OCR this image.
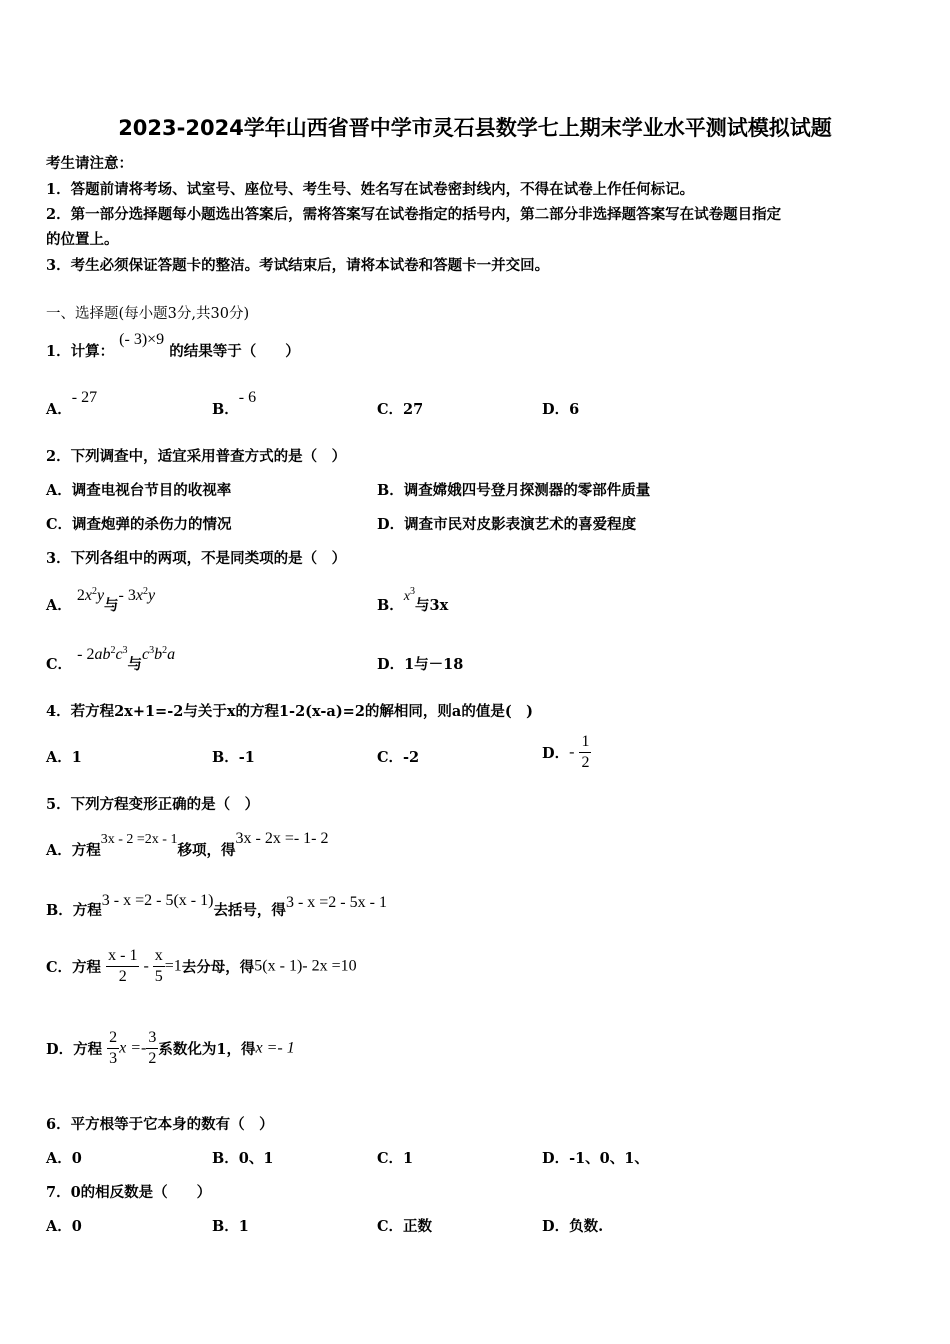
2023-2024学年山西省晋中学市灵石县数学七上期末学业水平测试模拟试题
考生请注意：
1．答题前请将考场、试室号、座位号、考生号、姓名写在试卷密封线内，不得在试卷上作任何标记。
2．第一部分选择题每小题选出答案后，需将答案写在试卷指定的括号内，第二部分非选择题答案写在试卷题目指定
的位置上。
3．考生必须保证答题卡的整洁。考试结束后，请将本试卷和答题卡一并交回。
一、选择题(每小题3分,共30分)
1．计算： (- 3)×9 的结果等于（　　）
A．- 27
B．- 6
C．27	D．6
2．下列调查中，适宜采用普查方式的是（　）
A．调查电视台节目的收视率	B．调查嫦娥四号登月探测器的零部件质量
C．调查炮弹的杀伤力的情况	D．调查市民对皮影表演艺术的喜爱程度
3．下列各组中的两项，不是同类项的是（　）
A． $2x^2y$与- $3x^2y$
B．$x^3$与3x
C． - $2ab^2c^3$与$c^3b^2a$
D．1与－18
4．若方程2x+1=-2与关于x的方程1-2(x-a)=2的解相同，则a的值是(　)
A．1	B．-1	C．-2	D．- $\frac{1}{2}$
5．下列方程变形正确的是（　）
A．方程3x - 2 =2x - 1移项，得3x - 2x =- 1- 2
B．方程3 - x =2 - 5(x - 1)去括号，得3 - x =2 - 5x - 1
C．方程 $\frac{x - 1}{2} - \frac{x}{5} =1$去分母，得5(x - 1)- 2x =10
D．方程 $\frac{2}{3}$ $x =- \frac{3}{2}$ 系数化为1，得x =- 1
6．平方根等于它本身的数有（　）
A．0	B．0、1	C．1	D．-1、0、1、
7．0的相反数是（　　）
A．0	B．1	C．正数	D．负数.
